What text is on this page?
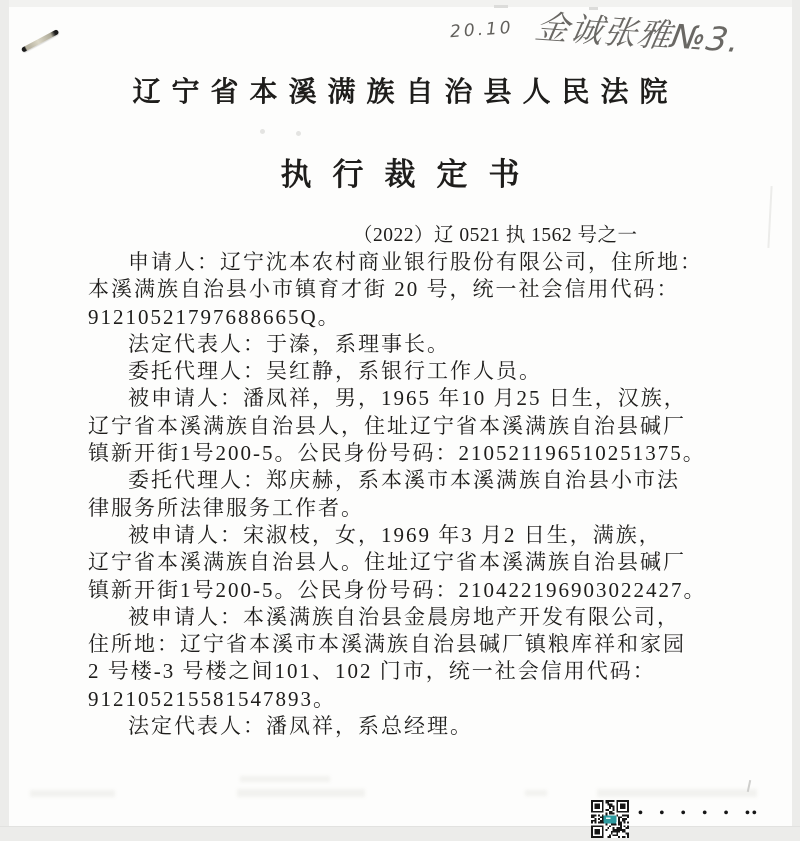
20.10 金诚张雅№3.
辽宁省本溪满族自治县人民法院
执行裁定书
（2022）辽 0521 执 1562 号之一
申请人：辽宁沈本农村商业银行股份有限公司，住所地：
本溪满族自治县小市镇育才街 20 号，统一社会信用代码：
91210521797688665Q。
法定代表人：于溱，系理事长。
委托代理人：吴红静，系银行工作人员。
被申请人：潘凤祥，男，1965 年10 月25 日生，汉族，
辽宁省本溪满族自治县人，住址辽宁省本溪满族自治县碱厂
镇新开街1号200-5。公民身份号码：210521196510251375。
委托代理人：郑庆赫，系本溪市本溪满族自治县小市法
律服务所法律服务工作者。
被申请人：宋淑枝，女，1969 年3 月2 日生，满族，
辽宁省本溪满族自治县人。住址辽宁省本溪满族自治县碱厂
镇新开街1号200-5。公民身份号码：210422196903022427。
被申请人：本溪满族自治县金晨房地产开发有限公司，
住所地：辽宁省本溪市本溪满族自治县碱厂镇粮库祥和家园
2 号楼-3 号楼之间101、102 门市，统一社会信用代码：
912105215581547893。
法定代表人：潘凤祥，系总经理。
• • • • • ••
